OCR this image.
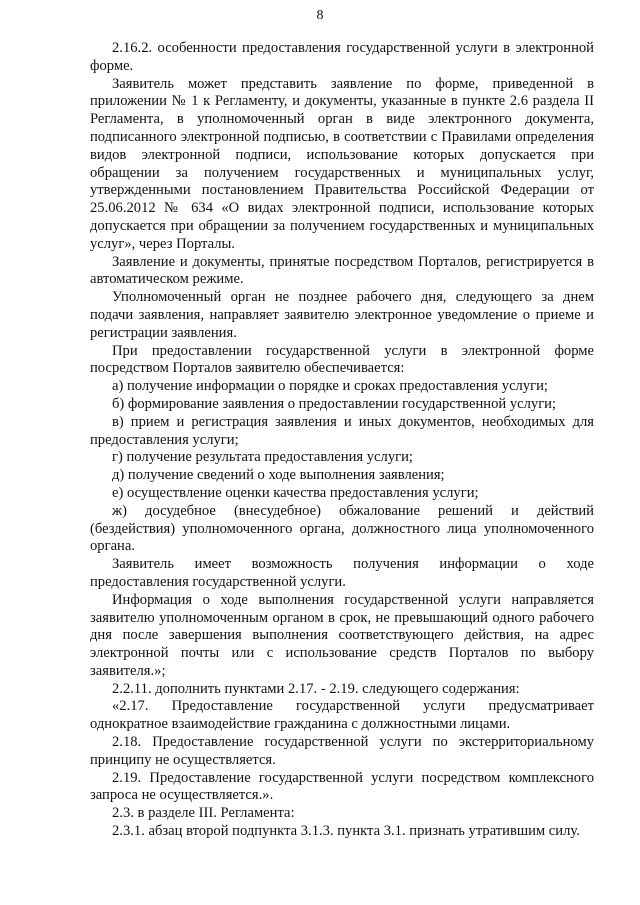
8

2.16.2. особенности предоставления государственной услуги в электронной форме.

Заявитель может представить заявление по форме, приведенной в приложении № 1 к Регламенту, и документы, указанные в пункте 2.6 раздела II Регламента, в уполномоченный орган в виде электронного документа, подписанного электронной подписью, в соответствии с Правилами определения видов электронной подписи, использование которых допускается при обращении за получением государственных и муниципальных услуг, утвержденными постановлением Правительства Российской Федерации от 25.06.2012 № 634 «О видах электронной подписи, использование которых допускается при обращении за получением государственных и муниципальных услуг», через Порталы.

Заявление и документы, принятые посредством Порталов, регистрируется в автоматическом режиме.

Уполномоченный орган не позднее рабочего дня, следующего за днем подачи заявления, направляет заявителю электронное уведомление о приеме и регистрации заявления.

При предоставлении государственной услуги в электронной форме посредством Порталов заявителю обеспечивается:

а) получение информации о порядке и сроках предоставления услуги;

б) формирование заявления о предоставлении государственной услуги;

в) прием и регистрация заявления и иных документов, необходимых для предоставления услуги;

г) получение результата предоставления услуги;

д) получение сведений о ходе выполнения заявления;

е) осуществление оценки качества предоставления услуги;

ж) досудебное (внесудебное) обжалование решений и действий (бездействия) уполномоченного органа, должностного лица уполномоченного органа.

Заявитель имеет возможность получения информации о ходе предоставления государственной услуги.

Информация о ходе выполнения государственной услуги направляется заявителю уполномоченным органом в срок, не превышающий одного рабочего дня после завершения выполнения соответствующего действия, на адрес электронной почты или с использование средств Порталов по выбору заявителя.»;

2.2.11. дополнить пунктами 2.17. - 2.19. следующего содержания:

«2.17. Предоставление государственной услуги предусматривает однократное взаимодействие гражданина с должностными лицами.

2.18. Предоставление государственной услуги по экстерриториальному принципу не осуществляется.

2.19. Предоставление государственной услуги посредством комплексного запроса не осуществляется.».

2.3. в разделе III. Регламента:

2.3.1. абзац второй подпункта 3.1.3. пункта 3.1. признать утратившим силу.
